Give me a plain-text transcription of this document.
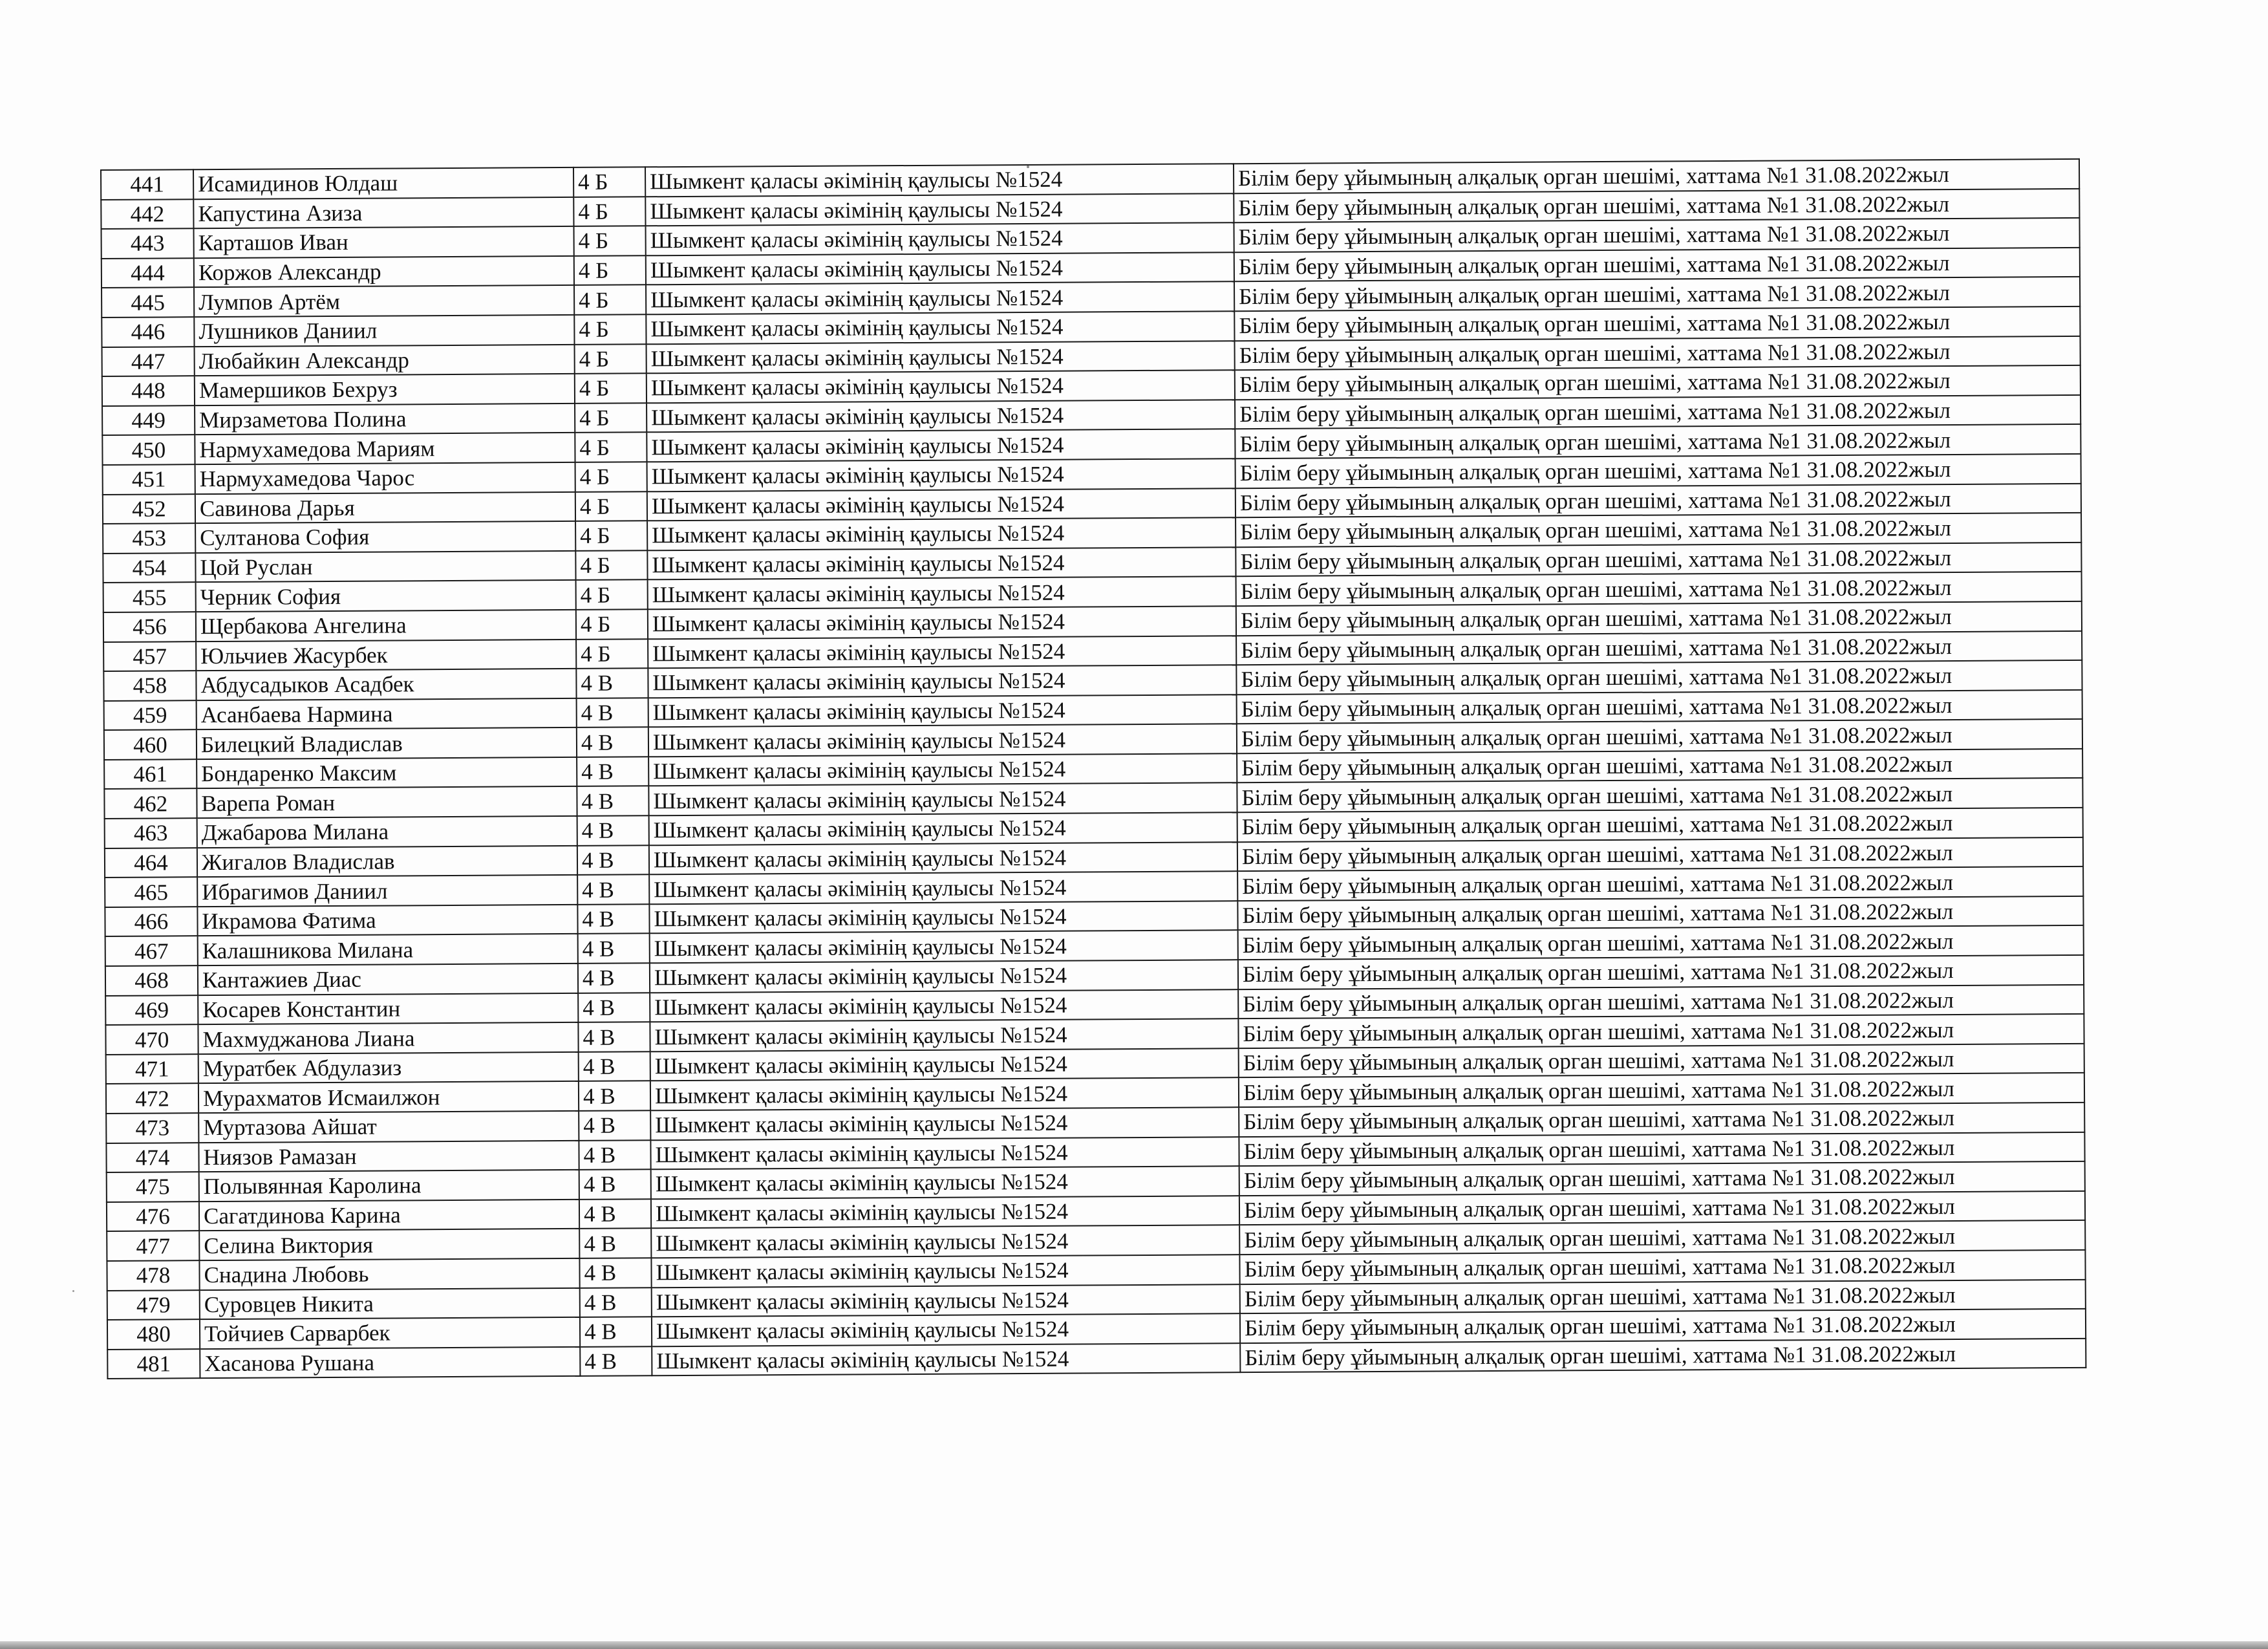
441	Исамидинов Юлдаш	4 Б	Шымкент қаласы әкімінің қаулысы №1524	Білім беру ұйымының алқалық орган шешімі, хаттама №1 31.08.2022жыл
442	Капустина Азиза	4 Б	Шымкент қаласы әкімінің қаулысы №1524	Білім беру ұйымының алқалық орган шешімі, хаттама №1 31.08.2022жыл
443	Карташов Иван	4 Б	Шымкент қаласы әкімінің қаулысы №1524	Білім беру ұйымының алқалық орган шешімі, хаттама №1 31.08.2022жыл
444	Коржов Александр	4 Б	Шымкент қаласы әкімінің қаулысы №1524	Білім беру ұйымының алқалық орган шешімі, хаттама №1 31.08.2022жыл
445	Лумпов Артём	4 Б	Шымкент қаласы әкімінің қаулысы №1524	Білім беру ұйымының алқалық орган шешімі, хаттама №1 31.08.2022жыл
446	Лушников Даниил	4 Б	Шымкент қаласы әкімінің қаулысы №1524	Білім беру ұйымының алқалық орган шешімі, хаттама №1 31.08.2022жыл
447	Любайкин Александр	4 Б	Шымкент қаласы әкімінің қаулысы №1524	Білім беру ұйымының алқалық орган шешімі, хаттама №1 31.08.2022жыл
448	Мамершиков Бехруз	4 Б	Шымкент қаласы әкімінің қаулысы №1524	Білім беру ұйымының алқалық орган шешімі, хаттама №1 31.08.2022жыл
449	Мирзаметова Полина	4 Б	Шымкент қаласы әкімінің қаулысы №1524	Білім беру ұйымының алқалық орган шешімі, хаттама №1 31.08.2022жыл
450	Нармухамедова Мариям	4 Б	Шымкент қаласы әкімінің қаулысы №1524	Білім беру ұйымының алқалық орган шешімі, хаттама №1 31.08.2022жыл
451	Нармухамедова Чарос	4 Б	Шымкент қаласы әкімінің қаулысы №1524	Білім беру ұйымының алқалық орган шешімі, хаттама №1 31.08.2022жыл
452	Савинова Дарья	4 Б	Шымкент қаласы әкімінің қаулысы №1524	Білім беру ұйымының алқалық орган шешімі, хаттама №1 31.08.2022жыл
453	Султанова София	4 Б	Шымкент қаласы әкімінің қаулысы №1524	Білім беру ұйымының алқалық орган шешімі, хаттама №1 31.08.2022жыл
454	Цой Руслан	4 Б	Шымкент қаласы әкімінің қаулысы №1524	Білім беру ұйымының алқалық орган шешімі, хаттама №1 31.08.2022жыл
455	Черник София	4 Б	Шымкент қаласы әкімінің қаулысы №1524	Білім беру ұйымының алқалық орган шешімі, хаттама №1 31.08.2022жыл
456	Щербакова Ангелина	4 Б	Шымкент қаласы әкімінің қаулысы №1524	Білім беру ұйымының алқалық орган шешімі, хаттама №1 31.08.2022жыл
457	Юльчиев Жасурбек	4 Б	Шымкент қаласы әкімінің қаулысы №1524	Білім беру ұйымының алқалық орган шешімі, хаттама №1 31.08.2022жыл
458	Абдусадыков Асадбек	4 В	Шымкент қаласы әкімінің қаулысы №1524	Білім беру ұйымының алқалық орган шешімі, хаттама №1 31.08.2022жыл
459	Асанбаева Нармина	4 В	Шымкент қаласы әкімінің қаулысы №1524	Білім беру ұйымының алқалық орган шешімі, хаттама №1 31.08.2022жыл
460	Билецкий Владислав	4 В	Шымкент қаласы әкімінің қаулысы №1524	Білім беру ұйымының алқалық орган шешімі, хаттама №1 31.08.2022жыл
461	Бондаренко Максим	4 В	Шымкент қаласы әкімінің қаулысы №1524	Білім беру ұйымының алқалық орган шешімі, хаттама №1 31.08.2022жыл
462	Варепа Роман	4 В	Шымкент қаласы әкімінің қаулысы №1524	Білім беру ұйымының алқалық орган шешімі, хаттама №1 31.08.2022жыл
463	Джабарова Милана	4 В	Шымкент қаласы әкімінің қаулысы №1524	Білім беру ұйымының алқалық орган шешімі, хаттама №1 31.08.2022жыл
464	Жигалов Владислав	4 В	Шымкент қаласы әкімінің қаулысы №1524	Білім беру ұйымының алқалық орган шешімі, хаттама №1 31.08.2022жыл
465	Ибрагимов Даниил	4 В	Шымкент қаласы әкімінің қаулысы №1524	Білім беру ұйымының алқалық орган шешімі, хаттама №1 31.08.2022жыл
466	Икрамова Фатима	4 В	Шымкент қаласы әкімінің қаулысы №1524	Білім беру ұйымының алқалық орган шешімі, хаттама №1 31.08.2022жыл
467	Калашникова Милана	4 В	Шымкент қаласы әкімінің қаулысы №1524	Білім беру ұйымының алқалық орган шешімі, хаттама №1 31.08.2022жыл
468	Кантажиев Диас	4 В	Шымкент қаласы әкімінің қаулысы №1524	Білім беру ұйымының алқалық орган шешімі, хаттама №1 31.08.2022жыл
469	Косарев Константин	4 В	Шымкент қаласы әкімінің қаулысы №1524	Білім беру ұйымының алқалық орган шешімі, хаттама №1 31.08.2022жыл
470	Махмуджанова Лиана	4 В	Шымкент қаласы әкімінің қаулысы №1524	Білім беру ұйымының алқалық орган шешімі, хаттама №1 31.08.2022жыл
471	Муратбек Абдулазиз	4 В	Шымкент қаласы әкімінің қаулысы №1524	Білім беру ұйымының алқалық орган шешімі, хаттама №1 31.08.2022жыл
472	Мурахматов Исмаилжон	4 В	Шымкент қаласы әкімінің қаулысы №1524	Білім беру ұйымының алқалық орган шешімі, хаттама №1 31.08.2022жыл
473	Муртазова Айшат	4 В	Шымкент қаласы әкімінің қаулысы №1524	Білім беру ұйымының алқалық орган шешімі, хаттама №1 31.08.2022жыл
474	Ниязов Рамазан	4 В	Шымкент қаласы әкімінің қаулысы №1524	Білім беру ұйымының алқалық орган шешімі, хаттама №1 31.08.2022жыл
475	Полывянная Каролина	4 В	Шымкент қаласы әкімінің қаулысы №1524	Білім беру ұйымының алқалық орган шешімі, хаттама №1 31.08.2022жыл
476	Сагатдинова Карина	4 В	Шымкент қаласы әкімінің қаулысы №1524	Білім беру ұйымының алқалық орган шешімі, хаттама №1 31.08.2022жыл
477	Селина Виктория	4 В	Шымкент қаласы әкімінің қаулысы №1524	Білім беру ұйымының алқалық орган шешімі, хаттама №1 31.08.2022жыл
478	Снадина Любовь	4 В	Шымкент қаласы әкімінің қаулысы №1524	Білім беру ұйымының алқалық орган шешімі, хаттама №1 31.08.2022жыл
479	Суровцев Никита	4 В	Шымкент қаласы әкімінің қаулысы №1524	Білім беру ұйымының алқалық орган шешімі, хаттама №1 31.08.2022жыл
480	Тойчиев Сарварбек	4 В	Шымкент қаласы әкімінің қаулысы №1524	Білім беру ұйымының алқалық орган шешімі, хаттама №1 31.08.2022жыл
481	Хасанова Рушана	4 В	Шымкент қаласы әкімінің қаулысы №1524	Білім беру ұйымының алқалық орган шешімі, хаттама №1 31.08.2022жыл
